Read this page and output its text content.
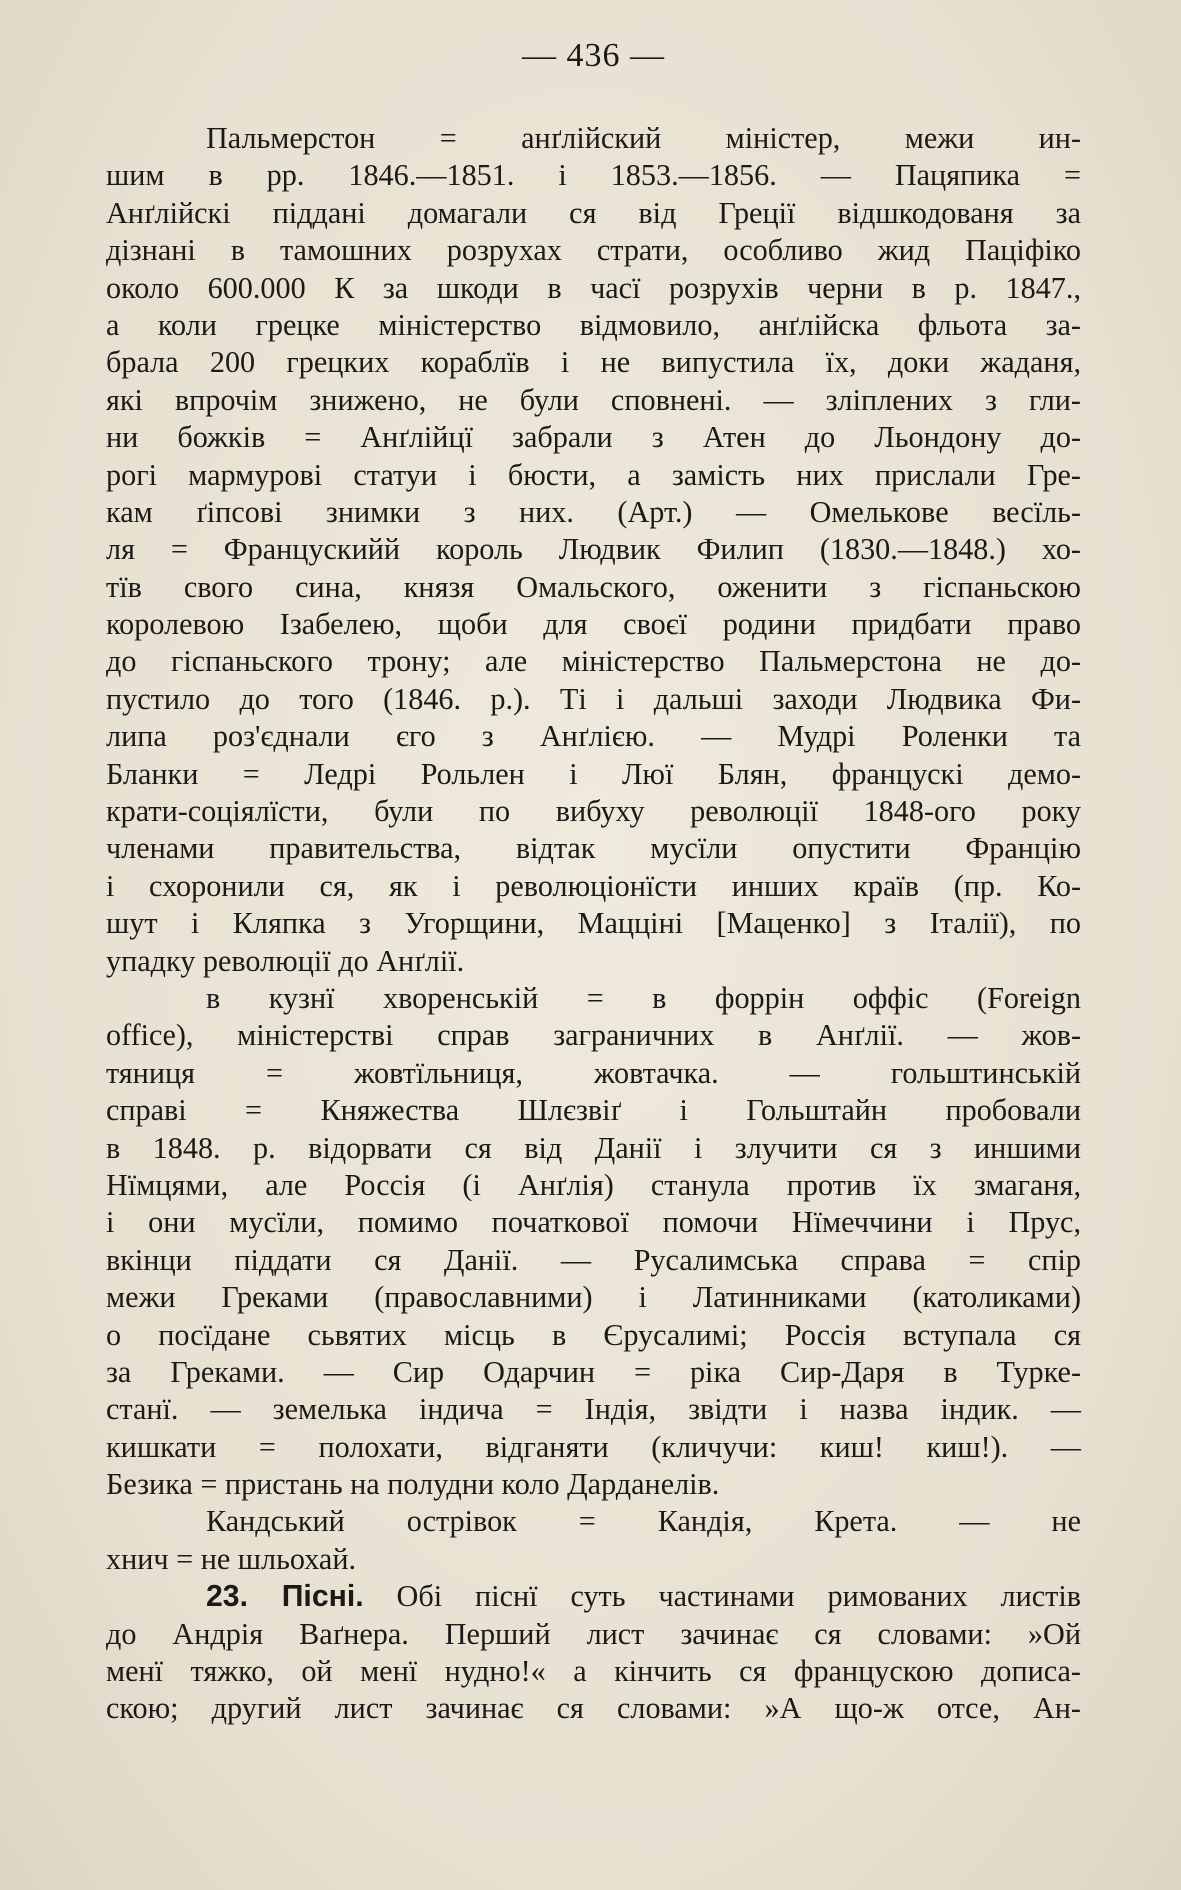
— 436 —
Пальмерстон = анґлійский міністер, межи ин-
шим в рр. 1846.—1851. і 1853.—1856. — Пацяпика =
Анґлійскі піддані домагали ся від Греції відшкодованя за
дізнані в тамошних розрухах страти, особливо жид Паціфіко
около 600.000 К за шкоди в часї розрухів черни в р. 1847.,
а коли грецке міністерство відмовило, анґлійска фльота за-
брала 200 грецких кораблїв і не випустила їх, доки жаданя,
які впрочім знижено, не були сповнені. — зліплених з гли-
ни божків = Анґлійцї забрали з Атен до Льондону до-
рогі мармурові статуи і бюсти, а замість них прислали Гре-
кам ґіпсові знимки з них. (Арт.) — Омельковe весїль-
ля = Францускийй король Людвик Филип (1830.—1848.) хо-
тїв свого сина, князя Омальского, оженити з гіспаньскою
королевою Ізабелею, щоби для своєї родини придбати право
до гіспаньского трону; але міністерство Пальмерстона не до-
пустило до того (1846. р.). Ті і дальші заходи Людвика Фи-
липа роз'єднали єго з Анґлією. — Мудрі Роленки та
Бланки = Ледрі Рольлен і Люї Блян, францускі демо-
крати-соціялїсти, були по вибуху революції 1848-ого року
членами правительства, відтак мусїли опустити Францію
і схоронили ся, як і революціонїсти инших країв (пр. Ко-
шут і Кляпка з Угорщини, Мацціні [Маценко] з Італії), по
упадку революції до Анґлії.
в кузнї хворенській = в форрін оффіс (Foreign
office), міністерстві справ заграничних в Анґлії. — жов-
тяниця = жовтїльниця, жовтачка. — гольштинській
справі = Княжества Шлєзвіґ і Гольштайн пробовали
в 1848. р. відорвати ся від Данії і злучити ся з иншими
Нїмцями, але Россія (і Анґлія) станула против їх змаганя,
і они мусїли, помимо початкової помочи Нїмеччини і Прус,
вкінци піддати ся Данії. — Русалимська справа = спір
межи Греками (православними) і Латинниками (католиками)
о посїдане сьвятих місць в Єрусалимі; Россія вступала ся
за Греками. — Сир Одарчин = ріка Сир-Даря в Турке-
станї. — земелька індича = Індія, звідти і назва індик. —
кишкати = полохати, відганяти (кличучи: киш! киш!). —
Безика = пристань на полудни коло Дарданелів.
Кандський острівок = Кандія, Крета. — не
хнич = не шльохай.
23. Пісні. Обі піснї суть частинами римованих листів
до Андрія Ваґнера. Перший лист зачинає ся словами: »Ой
менї тяжко, ой менї нудно!« а кінчить ся францускою дописа-
скою; другий лист зачинає ся словами: »А що-ж отсе, Ан-
